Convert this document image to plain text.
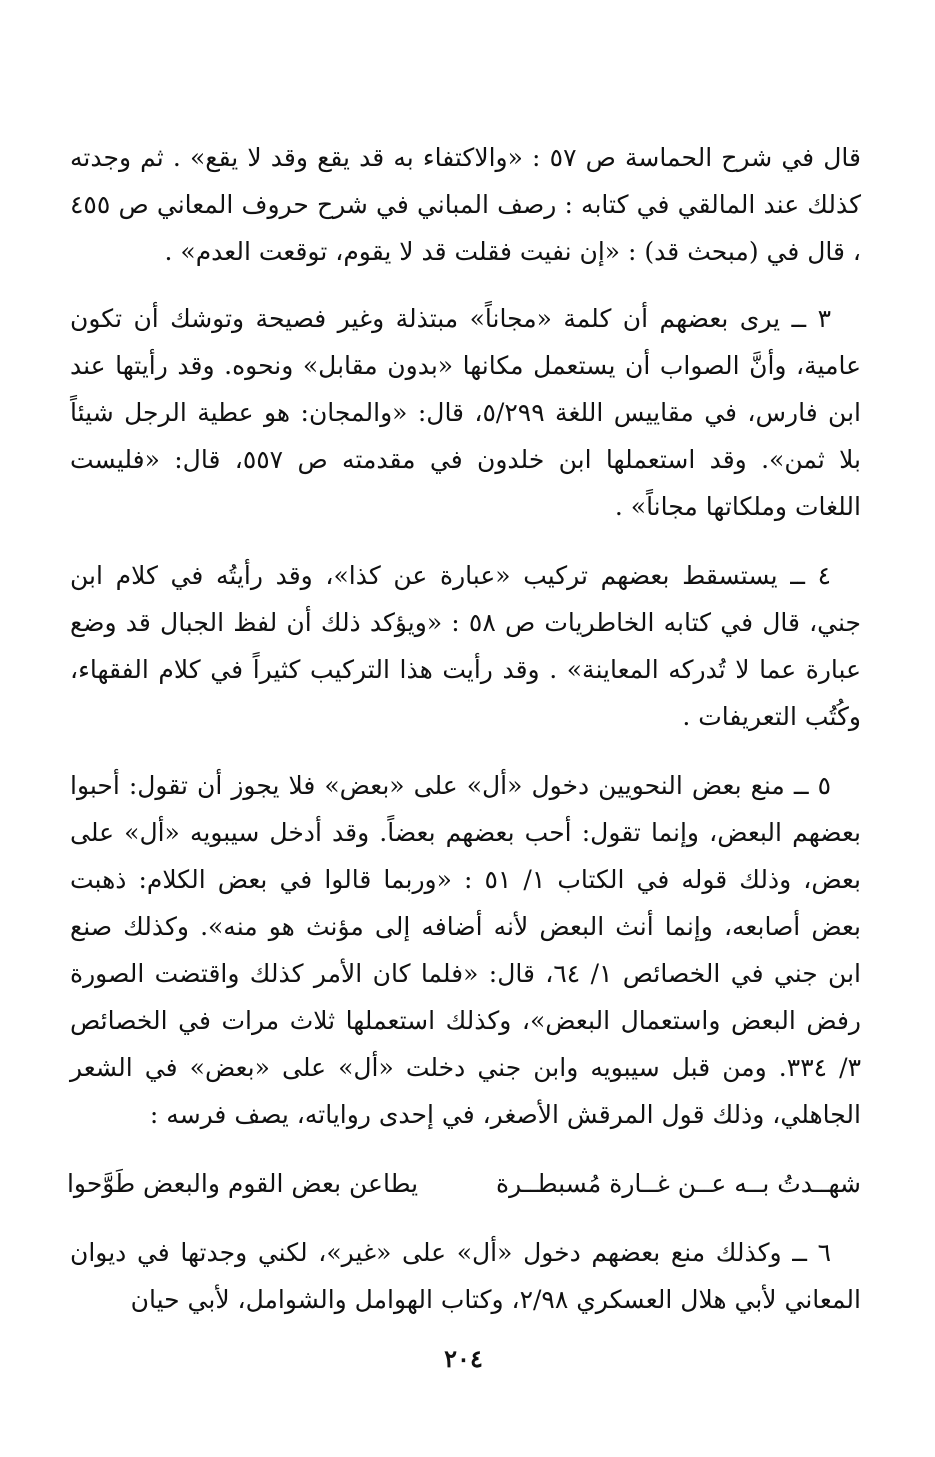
قال في شرح الحماسة ص ٥٧ : «والاكتفاء به قد يقع وقد لا يقع» . ثم وجدته كذلك عند المالقي في كتابه : رصف المباني في شرح حروف المعاني ص ٤٥٥ ، قال في (مبحث قد) : «إن نفيت فقلت قد لا يقوم، توقعت العدم» .

٣ ــ يرى بعضهم أن كلمة «مجاناً» مبتذلة وغير فصيحة وتوشك أن تكون عامية، وأنَّ الصواب أن يستعمل مكانها «بدون مقابل» ونحوه. وقد رأيتها عند ابن فارس، في مقاييس اللغة ٥/٢٩٩، قال: «والمجان: هو عطية الرجل شيئاً بلا ثمن». وقد استعملها ابن خلدون في مقدمته ص ٥٥٧، قال: «فليست اللغات وملكاتها مجاناً» .

٤ ــ يستسقط بعضهم تركيب «عبارة عن كذا»، وقد رأيتُه في كلام ابن جني، قال في كتابه الخاطريات ص ٥٨ : «ويؤكد ذلك أن لفظ الجبال قد وضع عبارة عما لا تُدركه المعاينة» . وقد رأيت هذا التركيب كثيراً في كلام الفقهاء، وكُتُب التعريفات .

٥ ــ منع بعض النحويين دخول «أل» على «بعض» فلا يجوز أن تقول: أحبوا بعضهم البعض، وإنما تقول: أحب بعضهم بعضاً. وقد أدخل سيبويه «أل» على بعض، وذلك قوله في الكتاب ١/ ٥١ : «وربما قالوا في بعض الكلام: ذهبت بعض أصابعه، وإنما أنث البعض لأنه أضافه إلى مؤنث هو منه». وكذلك صنع ابن جني في الخصائص ١/ ٦٤، قال: «فلما كان الأمر كذلك واقتضت الصورة رفض البعض واستعمال البعض»، وكذلك استعملها ثلاث مرات في الخصائص ٣/ ٣٣٤. ومن قبل سيبويه وابن جني دخلت «أل» على «بعض» في الشعر الجاهلي، وذلك قول المرقش الأصغر، في إحدى رواياته، يصف فرسه :

شهــدتُ بــه عــن غــارة مُسبطــرة
يطاعن بعض القوم والبعض طَوَّحوا

٦ ــ وكذلك منع بعضهم دخول «أل» على «غير»، لكني وجدتها في ديوان المعاني لأبي هلال العسكري ٢/٩٨، وكتاب الهوامل والشوامل، لأبي حيان

٢٠٤
